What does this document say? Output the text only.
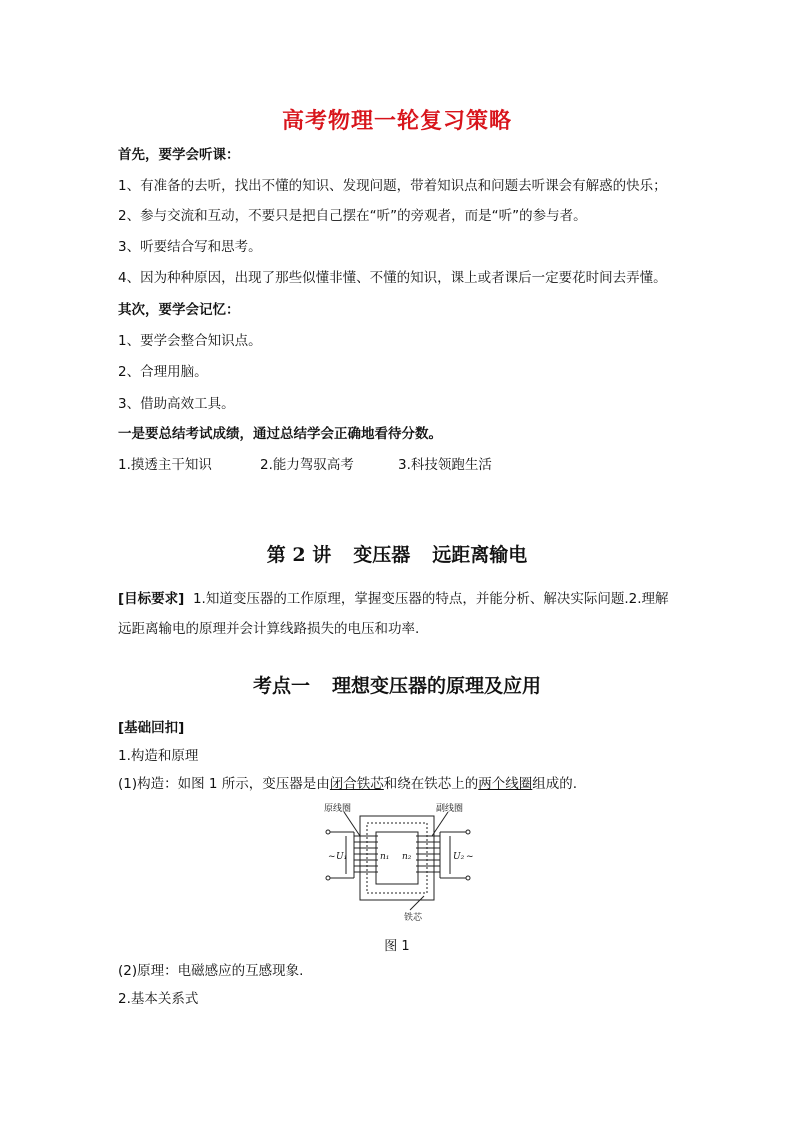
高考物理一轮复习策略
首先，要学会听课：
1、有准备的去听，找出不懂的知识、发现问题，带着知识点和问题去听课会有解惑的快乐；
2、参与交流和互动，不要只是把自己摆在“听”的旁观者，而是“听”的参与者。
3、听要结合写和思考。
4、因为种种原因，出现了那些似懂非懂、不懂的知识，课上或者课后一定要花时间去弄懂。
其次，要学会记忆：
1、要学会整合知识点。
2、合理用脑。
3、借助高效工具。
一是要总结考试成绩，通过总结学会正确地看待分数。
1.摸透主干知识	2.能力驾驭高考	3.科技领跑生活
第 2 讲 变压器 远距离输电
[目标要求] 1.知道变压器的工作原理，掌握变压器的特点，并能分析、解决实际问题.2.理解
远距离输电的原理并会计算线路损失的电压和功率.
考点一 理想变压器的原理及应用
[基础回扣]
1.构造和原理
(1)构造：如图 1 所示，变压器是由闭合铁芯和绕在铁芯上的两个线圈组成的.
原线圈	副线圈
铁芯
~ U₁	n₁ n₂	U₂ ~
图 1
(2)原理：电磁感应的互感现象.
2.基本关系式
